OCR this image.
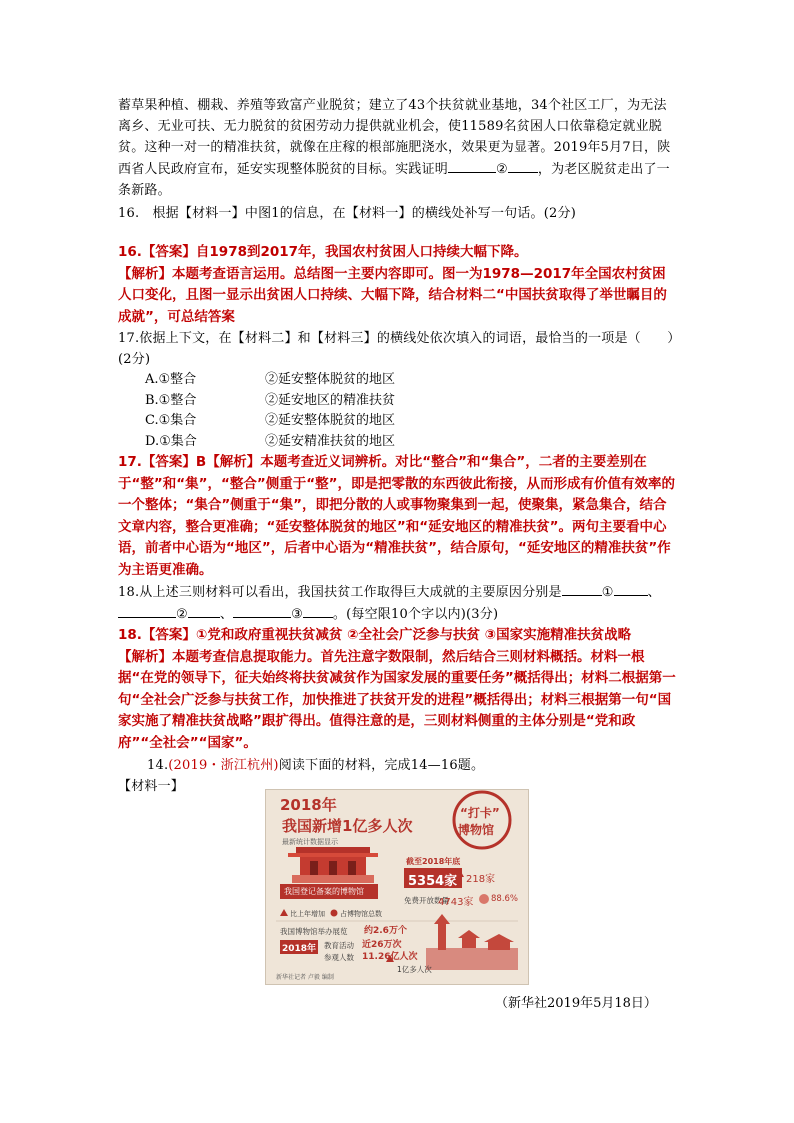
蓄草果种植、棚栽、养殖等致富产业脱贫；建立了43个扶贫就业基地，34个社区工厂，为无法离乡、无业可扶、无力脱贫的贫困劳动力提供就业机会，使11589名贫困人口依靠稳定就业脱贫。这种一对一的精准扶贫，就像在庄稼的根部施肥浇水，效果更为显著。2019年5月7日，陕西省人民政府宣布，延安实现整体脱贫的目标。实践证明	② ，为老区脱贫走出了一条新路。

16.　根据【材料一】中图1的信息，在【材料一】的横线处补写一句话。(2分)

16.【答案】自1978到2017年，我国农村贫困人口持续大幅下降。

【解析】本题考查语言运用。总结图一主要内容即可。图一为1978—2017年全国农村贫困人口变化，且图一显示出贫困人口持续、大幅下降，结合材料二“中国扶贫取得了举世瞩目的成就”，可总结答案

17.依据上下文，在【材料二】和【材料三】的横线处依次填入的词语，最恰当的一项是（　　）(2分)

A.①整合	②延安整体脱贫的地区
B.①整合	②延安地区的精准扶贫
C.①集合	②延安整体脱贫的地区
D.①集合	②延安精准扶贫的地区

17.【答案】B【解析】本题考查近义词辨析。对比“整合”和“集合”，二者的主要差别在于“整”和“集”，“整合”侧重于“整”，即是把零散的东西彼此衔接，从而形成有价值有效率的一个整体；“集合”侧重于“集”，即把分散的人或事物聚集到一起，使聚集，紧急集合，结合文章内容，整合更准确；“延安整体脱贫的地区”和“延安地区的精准扶贫”。两句主要看中心语，前者中心语为“地区”，后者中心语为“精准扶贫”，结合原句，“延安地区的精准扶贫”作为主语更准确。

18.从上述三则材料可以看出，我国扶贫工作取得巨大成就的主要原因分别是	①	、② 、	③ 。(每空限10个字以内)(3分)

18.【答案】①党和政府重视扶贫减贫 ②全社会广泛参与扶贫 ③国家实施精准扶贫战略

【解析】本题考查信息提取能力。首先注意字数限制，然后结合三则材料概括。材料一根据“在党的领导下，征夫始终将扶贫减贫作为国家发展的重要任务”概括得出；材料二根据第一句“全社会广泛参与扶贫工作，加快推进了扶贫开发的进程”概括得出；材料三根据第一句“国家实施了精准扶贫战略”跟扩得出。值得注意的是，三则材料侧重的主体分别是“党和政府”“全社会”“国家”。

14.(2019・浙江杭州)阅读下面的材料，完成14—16题。

【材料一】

2018年
我国新增1亿多人次
“打卡”
博物馆
最新统计数据显示
截至2018年底
5354家 218家
我国登记备案的博物馆
免费开放数量
4743家 88.6%
比上年增加 占博物馆总数
我国博物馆举办展览 约2.6万个
2018年 教育活动 近26万次
参观人数 11.26亿人次
1亿多人次
新华社记者 卢毅 编制
（新华社2019年5月18日）
